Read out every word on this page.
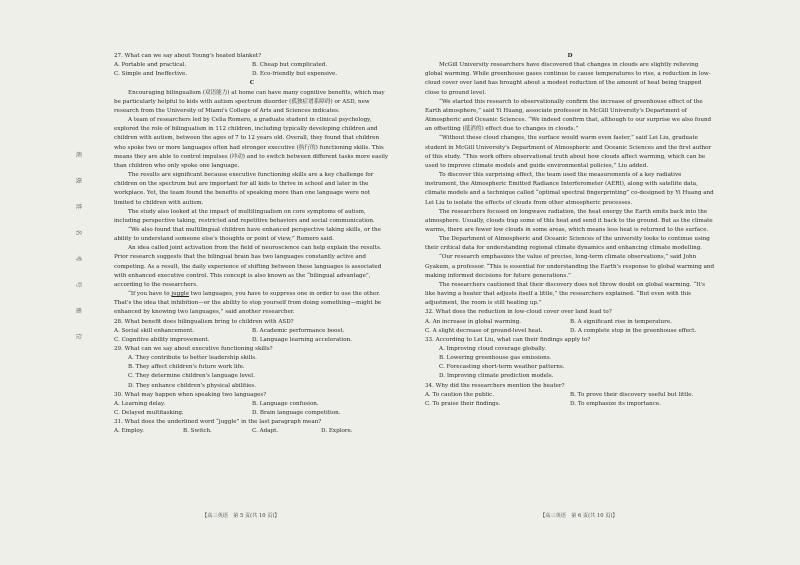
班
级
姓
名
考
号
座
位

27. What can we say about Young's heated blanket?

A. Portable and practical.	B. Cheap but complicated.
C. Simple and Ineffective.	D. Eco-friendly but expensive.

C

Encouraging bilingualism (双语能力) at home can have many cognitive benefits, which may be particularly helpful to kids with autism spectrum disorder (孤独症谱系障碍) or ASD, new research from the University of Miami's College of Arts and Sciences indicates.

A team of researchers led by Celia Romero, a graduate student in clinical psychology, explored the role of bilingualism in 112 children, including typically developing children and children with autism, between the ages of 7 to 12 years old. Overall, they found that children who spoke two or more languages often had stronger executive (执行的) functioning skills. This means they are able to control impulses (冲动) and to switch between different tasks more easily than children who only spoke one language.

The results are significant because executive functioning skills are a key challenge for children on the spectrum but are important for all kids to thrive in school and later in the workplace. Yet, the team found the benefits of speaking more than one language were not limited to children with autism.

The study also looked at the impact of multilingualism on core symptoms of autism, including perspective taking, restricted and repetitive behaviors and social communication.

“We also found that multilingual children have enhanced perspective taking skills, or the ability to understand someone else's thoughts or point of view,” Romero said.

An idea called joint activation from the field of neuroscience can help explain the results. Prior research suggests that the bilingual brain has two languages constantly active and competing. As a result, the daily experience of shifting between these languages is associated with enhanced executive control. This concept is also known as the “bilingual advantage”, according to the researchers.

“If you have to juggle two languages, you have to suppress one in order to use the other. That's the idea that inhibition—or the ability to stop yourself from doing something—might be enhanced by knowing two languages,” said another researcher.

28. What benefit does bilingualism bring to children with ASD?

A. Social skill enhancement.	B. Academic performance boost.
C. Cognitive ability improvement.	D. Language learning acceleration.

29. What can we say about executive functioning skills?

A. They contribute to better leadership skills.

B. They affect children's future work life.

C. They determine children's language level.

D. They enhance children's physical abilities.

30. What may happen when speaking two languages?

A. Learning delay.	B. Language confusion.
C. Delayed multitasking.	D. Brain language competition.

31. What does the underlined word “juggle” in the last paragraph mean?

A. Employ.	B. Switch.	C. Adapt.	D. Explore.

D

McGill University researchers have discovered that changes in clouds are slightly relieving global warming. While greenhouse gases continue to cause temperatures to rise, a reduction in low-cloud cover over land has brought about a modest reduction of the amount of heat being trapped close to ground level.

“We started this research to observationally confirm the increase of greenhouse effect of the Earth atmosphere,” said Yi Huang, associate professor in McGill University's Department of Atmospheric and Oceanic Sciences. “We indeed confirm that, although to our surprise we also found an offsetting (抵消的) effect due to changes in clouds.”

“Without these cloud changes, the surface would warm even faster,” said Lei Liu, graduate student in McGill University's Department of Atmospheric and Oceanic Sciences and the first author of this study. “This work offers observational truth about how clouds affect warming, which can be used to improve climate models and guide environmental policies,” Liu added.

To discover this surprising effect, the team used the measurements of a key radiative instrument, the Atmospheric Emitted Radiance Interferometer (AERI), along with satellite data, climate models and a technique called “optimal spectral fingerprinting” co-designed by Yi Huang and Lei Liu to isolate the effects of clouds from other atmospheric processes.

The researchers focused on longwave radiation, the heat energy the Earth emits back into the atmosphere. Usually, clouds trap some of this heat and send it back to the ground. But as the climate warms, there are fewer low clouds in some areas, which means less heat is returned to the surface.

The Department of Atmospheric and Oceanic Sciences of the university looks to continue using their critical data for understanding regional climate dynamics and enhancing climate modelling.

“Our research emphasizes the value of precise, long-term climate observations,” said John Gyakum, a professor. “This is essential for understanding the Earth's response to global warming and making informed decisions for future generations.”

The researchers cautioned that their discovery does not throw doubt on global warming. “It's like having a heater that adjusts itself a little,” the researchers explained. “But even with this adjustment, the room is still heating up.”

32. What does the reduction in low-cloud cover over land lead to?

A. An increase in global warming.	B. A significant rise in temperature.
C. A slight decrease of ground-level heat.	D. A complete stop in the greenhouse effect.

33. According to Lei Liu, what can their findings apply to?

A. Improving cloud coverage globally.

B. Lowering greenhouse gas emissions.

C. Forecasting short-term weather patterns.

D. Improving climate prediction models.

34. Why did the researchers mention the heater?

A. To caution the public.	B. To prove their discovery useful but little.
C. To praise their findings.	D. To emphasize its importance.
【高三英语　第 5 页(共 10 页)】	【高三英语　第 6 页(共 10 页)】
